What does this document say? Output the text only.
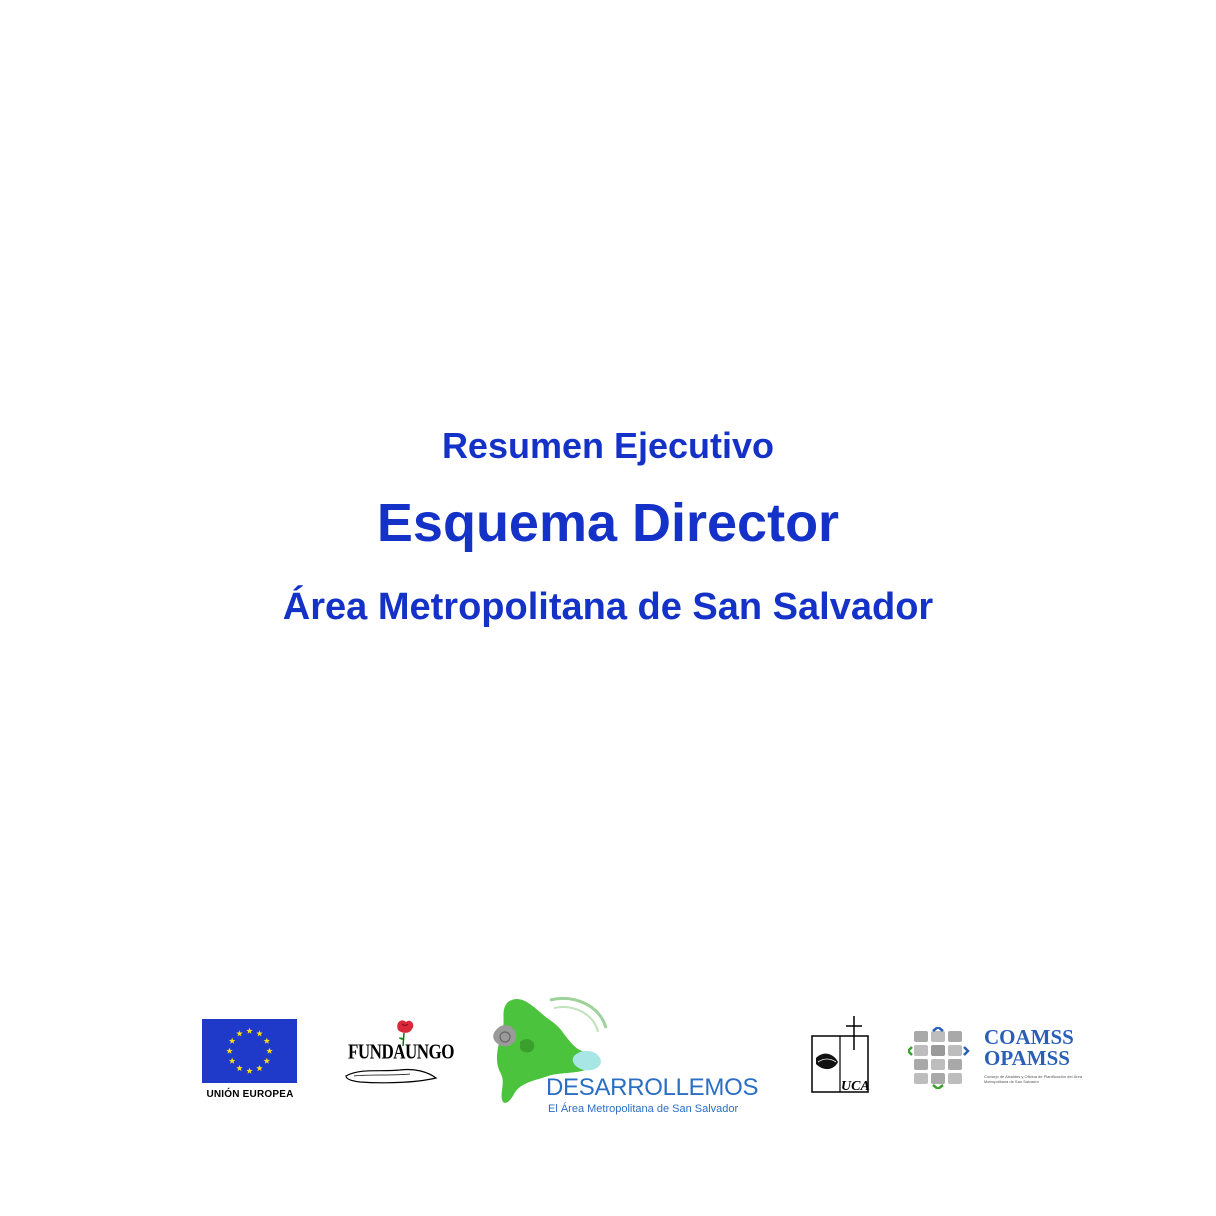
Resumen Ejecutivo
Esquema Director
Área Metropolitana de San Salvador
UNIÓN EUROPEA
FUNDAUNGO
DESARROLLEMOS
El Área Metropolitana de San Salvador
UCA
COAMSS
OPAMSS
Consejo de Alcaldes y Oficina de Planificación del Área Metropolitana de San Salvador
